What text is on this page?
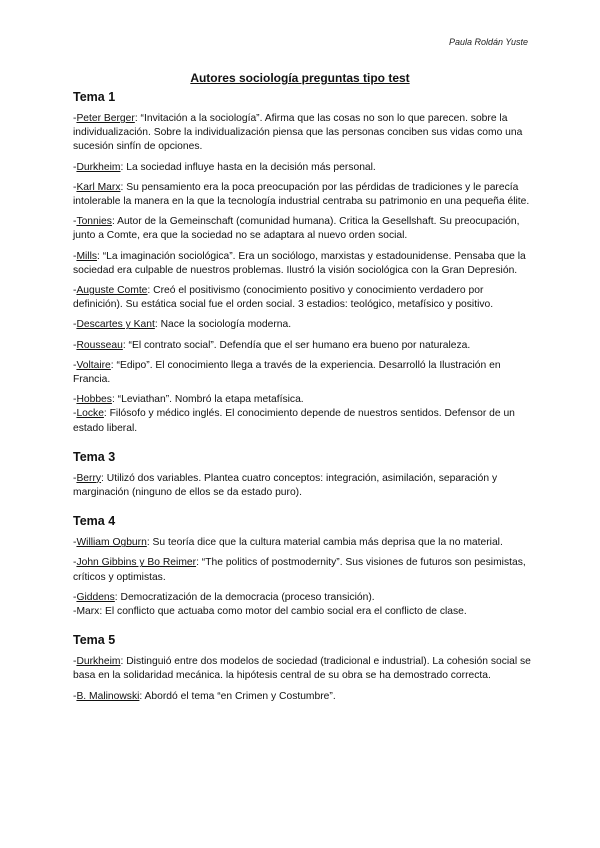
Paula Roldán Yuste
Autores sociología preguntas tipo test
Tema 1

-Peter Berger: “Invitación a la sociología”. Afirma que las cosas no son lo que parecen. sobre la individualización. Sobre la individualización piensa que las personas conciben sus vidas como una sucesión sinfín de opciones.

-Durkheim: La sociedad influye hasta en la decisión más personal.

-Karl Marx: Su pensamiento era la poca preocupación por las pérdidas de tradiciones y le parecía intolerable la manera en la que la tecnología industrial centraba su patrimonio en una pequeña élite.

-Tonnies: Autor de la Gemeinschaft (comunidad humana). Critica la Gesellshaft. Su preocupación, junto a Comte, era que la sociedad no se adaptara al nuevo orden social.

-Mills: “La imaginación sociológica”. Era un sociólogo, marxistas y estadounidense. Pensaba que la sociedad era culpable de nuestros problemas. Ilustró la visión sociológica con la Gran Depresión.

-Auguste Comte: Creó el positivismo (conocimiento positivo y conocimiento verdadero por definición). Su estática social fue el orden social. 3 estadios: teológico, metafísico y positivo.

-Descartes y Kant: Nace la sociología moderna.

-Rousseau: “El contrato social”. Defendía que el ser humano era bueno por naturaleza.

-Voltaire: “Edipo”. El conocimiento llega a través de la experiencia. Desarrolló la Ilustración en Francia.

-Hobbes: “Leviathan”. Nombró la etapa metafísica.

-Locke: Filósofo y médico inglés. El conocimiento depende de nuestros sentidos. Defensor de un estado liberal.

Tema 3

-Berry: Utilizó dos variables. Plantea cuatro conceptos: integración, asimilación, separación y marginación (ninguno de ellos se da estado puro).

Tema 4

-William Ogburn: Su teoría dice que la cultura material cambia más deprisa que la no material.

-John Gibbins y Bo Reimer: “The politics of postmodernity”. Sus visiones de futuros son pesimistas, críticos y optimistas.

-Giddens: Democratización de la democracia (proceso transición).

-Marx: El conflicto que actuaba como motor del cambio social era el conflicto de clase.

Tema 5

-Durkheim: Distinguió entre dos modelos de sociedad (tradicional e industrial). La cohesión social se basa en la solidaridad mecánica. la hipótesis central de su obra se ha demostrado correcta.

-B. Malinowski: Abordó el tema “en Crimen y Costumbre”.
